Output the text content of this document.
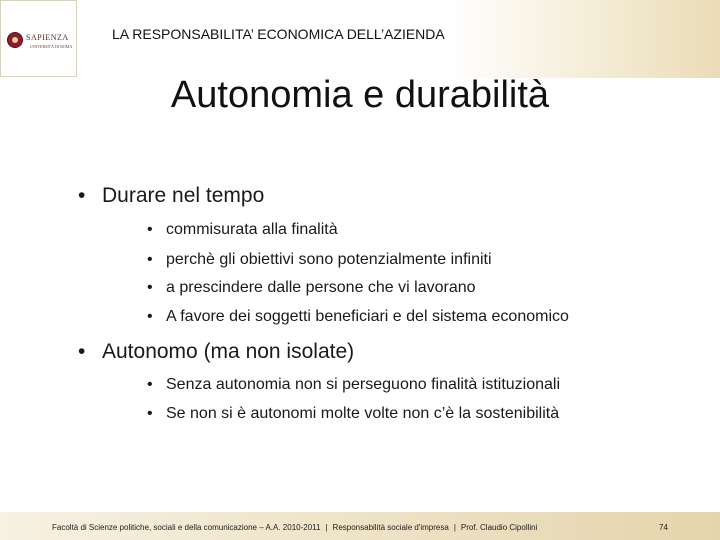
SAPIENZA
UNIVERSITÀ DI ROMA
LA RESPONSABILITA’ ECONOMICA DELL’AZIENDA
Autonomia e durabilità
• Durare nel tempo
• commisurata alla finalità
• perchè gli obiettivi sono potenzialmente infiniti
• a prescindere dalle persone che vi lavorano
• A favore dei soggetti beneficiari e del sistema economico
• Autonomo (ma non isolate)
• Senza autonomia non si perseguono finalità istituzionali
• Se non si è autonomi molte volte non c’è la sostenibilità
Facoltà di Scienze politiche, sociali e della comunicazione – A.A. 2010-2011 | Responsabilità sociale d'impresa | Prof. Claudio Cipollini	74
